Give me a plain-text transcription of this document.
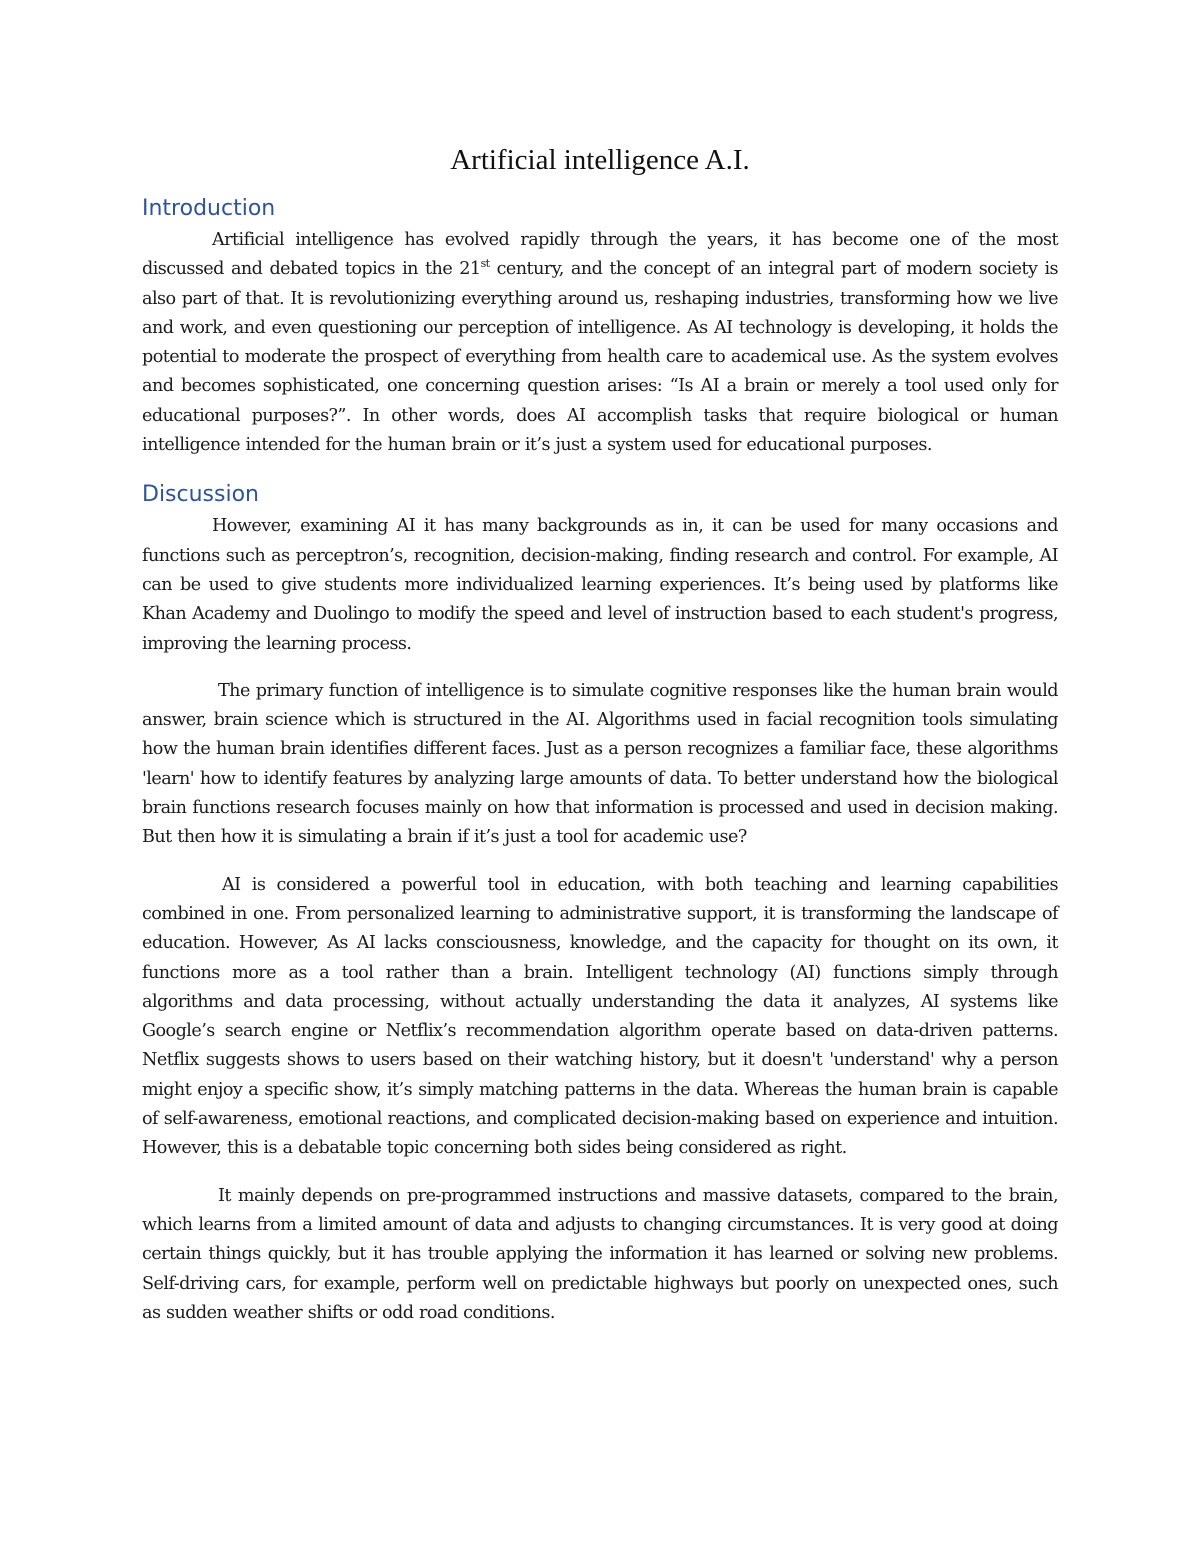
Artificial intelligence A.I.
Introduction

Artificial intelligence has evolved rapidly through the years, it has become one of the most discussed and debated topics in the 21st century, and the concept of an integral part of modern society is also part of that. It is revolutionizing everything around us, reshaping industries, transforming how we live and work, and even questioning our perception of intelligence. As AI technology is developing, it holds the potential to moderate the prospect of everything from health care to academical use. As the system evolves and becomes sophisticated, one concerning question arises: “Is AI a brain or merely a tool used only for educational purposes?”. In other words, does AI accomplish tasks that require biological or human intelligence intended for the human brain or it’s just a system used for educational purposes.

Discussion

However, examining AI it has many backgrounds as in, it can be used for many occasions and functions such as perceptron’s, recognition, decision-making, finding research and control. For example, AI can be used to give students more individualized learning experiences. It’s being used by platforms like Khan Academy and Duolingo to modify the speed and level of instruction based to each student's progress, improving the learning process.

The primary function of intelligence is to simulate cognitive responses like the human brain would answer, brain science which is structured in the AI. Algorithms used in facial recognition tools simulating how the human brain identifies different faces. Just as a person recognizes a familiar face, these algorithms 'learn' how to identify features by analyzing large amounts of data. To better understand how the biological brain functions research focuses mainly on how that information is processed and used in decision making. But then how it is simulating a brain if it’s just a tool for academic use?

AI is considered a powerful tool in education, with both teaching and learning capabilities combined in one. From personalized learning to administrative support, it is transforming the landscape of education. However, As AI lacks consciousness, knowledge, and the capacity for thought on its own, it functions more as a tool rather than a brain. Intelligent technology (AI) functions simply through algorithms and data processing, without actually understanding the data it analyzes, AI systems like Google’s search engine or Netflix’s recommendation algorithm operate based on data-driven patterns. Netflix suggests shows to users based on their watching history, but it doesn't 'understand' why a person might enjoy a specific show, it’s simply matching patterns in the data. Whereas the human brain is capable of self-awareness, emotional reactions, and complicated decision-making based on experience and intuition. However, this is a debatable topic concerning both sides being considered as right.

It mainly depends on pre-programmed instructions and massive datasets, compared to the brain, which learns from a limited amount of data and adjusts to changing circumstances. It is very good at doing certain things quickly, but it has trouble applying the information it has learned or solving new problems. Self-driving cars, for example, perform well on predictable highways but poorly on unexpected ones, such as sudden weather shifts or odd road conditions.
